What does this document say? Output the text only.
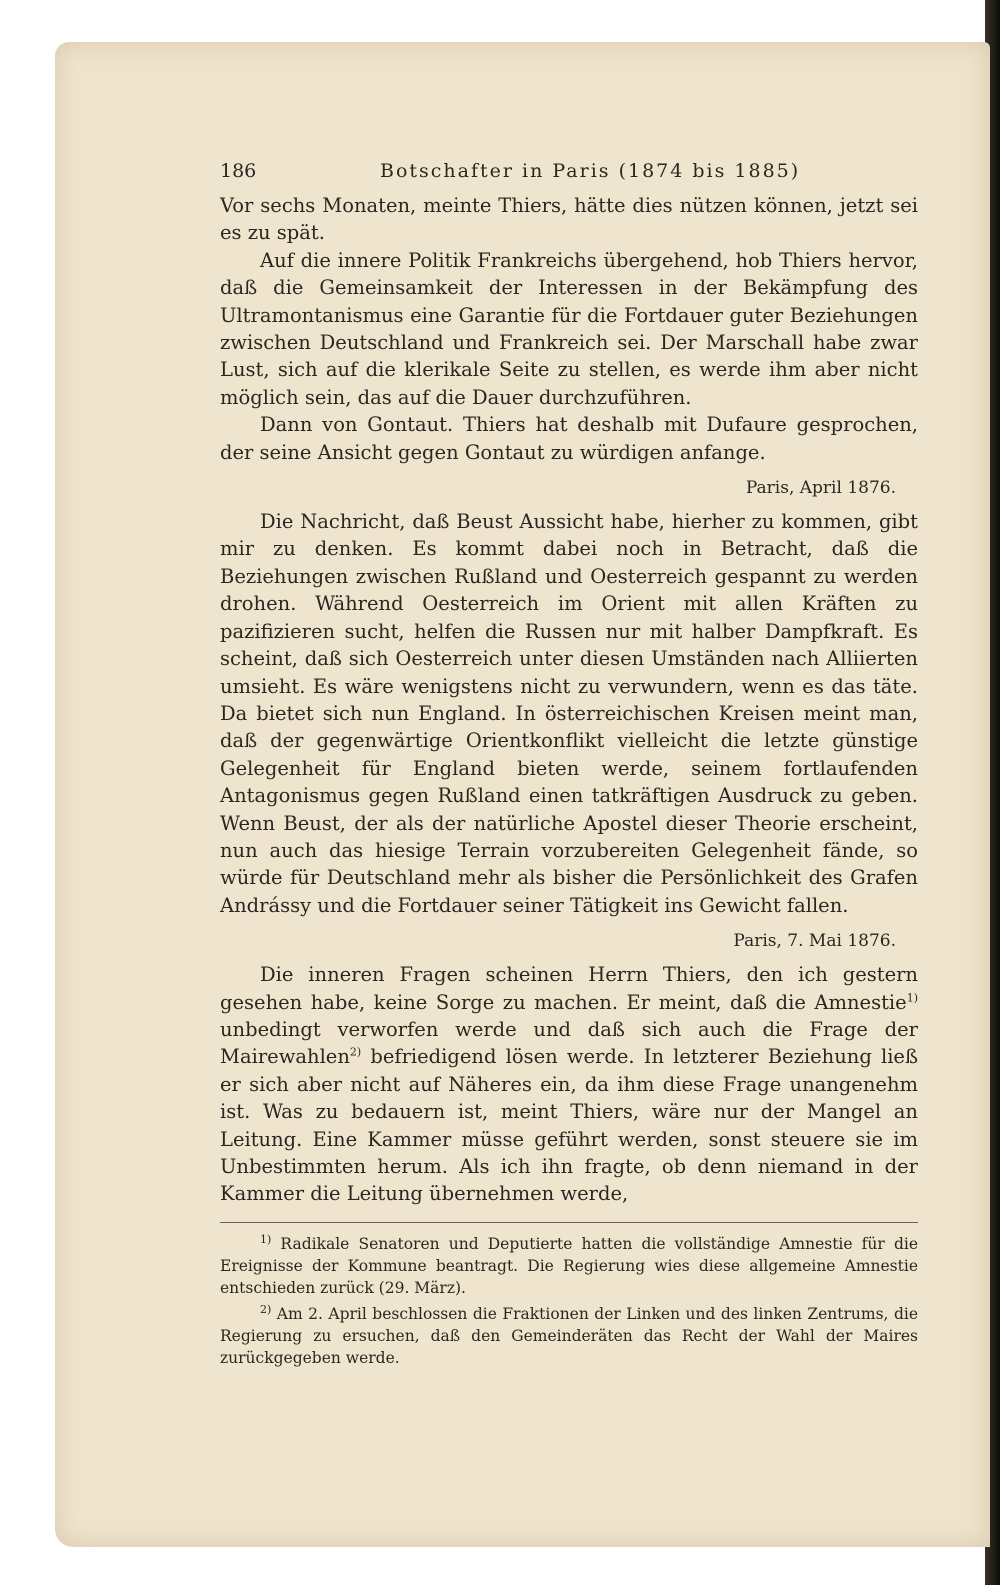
186	Botschafter in Paris (1874 bis 1885)

Vor sechs Monaten, meinte Thiers, hätte dies nützen können, jetzt sei es zu spät.

Auf die innere Politik Frankreichs übergehend, hob Thiers hervor, daß die Gemeinsamkeit der Interessen in der Bekämpfung des Ultramontanismus eine Garantie für die Fortdauer guter Beziehungen zwischen Deutschland und Frankreich sei. Der Marschall habe zwar Lust, sich auf die klerikale Seite zu stellen, es werde ihm aber nicht möglich sein, das auf die Dauer durchzuführen.

Dann von Gontaut. Thiers hat deshalb mit Dufaure gesprochen, der seine Ansicht gegen Gontaut zu würdigen anfange.

Paris, April 1876.

Die Nachricht, daß Beust Aussicht habe, hierher zu kommen, gibt mir zu denken. Es kommt dabei noch in Betracht, daß die Beziehungen zwischen Rußland und Oesterreich gespannt zu werden drohen. Während Oesterreich im Orient mit allen Kräften zu pazifizieren sucht, helfen die Russen nur mit halber Dampfkraft. Es scheint, daß sich Oesterreich unter diesen Umständen nach Alliierten umsieht. Es wäre wenigstens nicht zu verwundern, wenn es das täte. Da bietet sich nun England. In österreichischen Kreisen meint man, daß der gegenwärtige Orientkonflikt vielleicht die letzte günstige Gelegenheit für England bieten werde, seinem fortlaufenden Antagonismus gegen Rußland einen tatkräftigen Ausdruck zu geben. Wenn Beust, der als der natürliche Apostel dieser Theorie erscheint, nun auch das hiesige Terrain vorzubereiten Gelegenheit fände, so würde für Deutschland mehr als bisher die Persönlichkeit des Grafen Andrássy und die Fortdauer seiner Tätigkeit ins Gewicht fallen.

Paris, 7. Mai 1876.

Die inneren Fragen scheinen Herrn Thiers, den ich gestern gesehen habe, keine Sorge zu machen. Er meint, daß die Amnestie$^{1)}$ unbedingt verworfen werde und daß sich auch die Frage der Mairewahlen$^{2)}$ befriedigend lösen werde. In letzterer Beziehung ließ er sich aber nicht auf Näheres ein, da ihm diese Frage unangenehm ist. Was zu bedauern ist, meint Thiers, wäre nur der Mangel an Leitung. Eine Kammer müsse geführt werden, sonst steuere sie im Unbestimmten herum. Als ich ihn fragte, ob denn niemand in der Kammer die Leitung übernehmen werde,

$^{1)}$ Radikale Senatoren und Deputierte hatten die vollständige Amnestie für die Ereignisse der Kommune beantragt. Die Regierung wies diese allgemeine Amnestie entschieden zurück (29. März).

$^{2)}$ Am 2. April beschlossen die Fraktionen der Linken und des linken Zentrums, die Regierung zu ersuchen, daß den Gemeinderäten das Recht der Wahl der Maires zurückgegeben werde.
